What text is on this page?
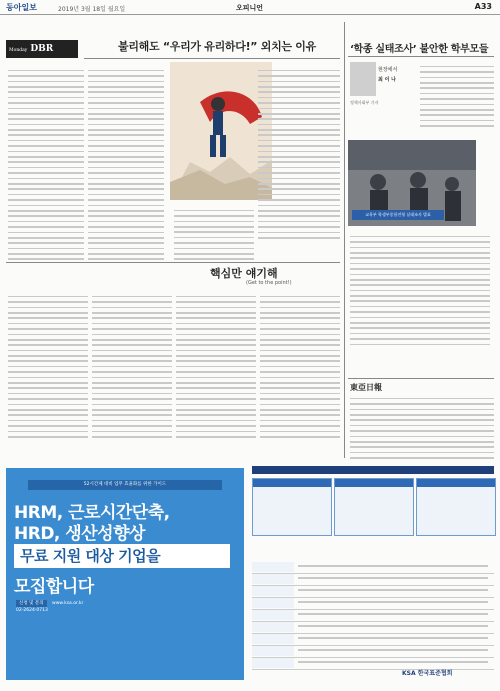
동아일보	2019년 3월 18일 월요일	오피니언	A33
Monday DBR	불리해도 “우리가 유리하다!” 외치는 이유	‘학종 실태조사’ 불안한 학부모들
현장에서
최 이 나
정책사회부 기자
교육부 학생부종합전형 실태조사 발표
핵심만 얘기해
(Get to the point!)
東亞日報
52시간제 대비 업무 효율화를 위한 가이드
HRM, 근로시간단축,
HRD, 생산성향상
무료 지원 대상 기업을
모집합니다
신청 및 문의 www.ksa.or.kr
02-2624-0713
KSA 한국표준협회
